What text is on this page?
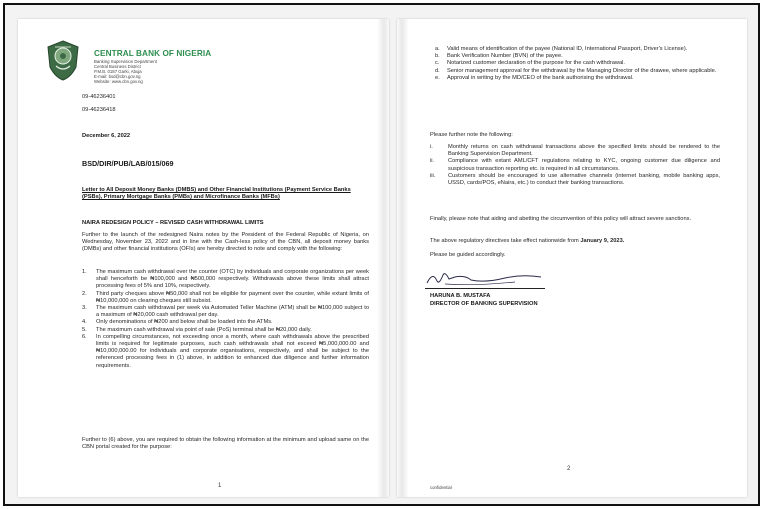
CENTRAL BANK OF NIGERIA

Banking Supervision Department

Central Business District

P.M.B. 0187 Garki, Abuja

E-mail: bsd@cbn.gov.ng

Website: www.cbn.gov.ng

09-46236401

09-46236418

December 6, 2022

BSD/DIR/PUB/LAB/015/069

Letter to All Deposit Money Banks (DMBS) and Other Financial Institutions (Payment Service Banks (PSBs), Primary Mortgage Banks (PMBs) and Microfinance Banks (MFBs)

NAIRA REDESIGN POLICY – REVISED CASH WITHDRAWAL LIMITS

Further to the launch of the redesigned Naira notes by the President of the Federal Republic of Nigeria, on Wednesday, November 23, 2022 and in line with the Cash-less policy of the CBN, all deposit money banks (DMBs) and other financial institutions (OFIs) are hereby directed to note and comply with the following:

1. The maximum cash withdrawal over the counter (OTC) by individuals and corporate organizations per week shall henceforth be ₦100,000 and ₦500,000 respectively. Withdrawals above these limits shall attract processing fees of 5% and 10%, respectively.
2. Third party cheques above ₦50,000 shall not be eligible for payment over the counter, while extant limits of ₦10,000,000 on clearing cheques still subsist.
3. The maximum cash withdrawal per week via Automated Teller Machine (ATM) shall be ₦100,000 subject to a maximum of ₦20,000 cash withdrawal per day.
4. Only denominations of ₦200 and below shall be loaded into the ATMs.
5. The maximum cash withdrawal via point of sale (PoS) terminal shall be ₦20,000 daily.
6. In compelling circumstances, not exceeding once a month, where cash withdrawals above the prescribed limits is required for legitimate purposes, such cash withdrawals shall not exceed ₦5,000,000.00 and ₦10,000,000.00 for individuals and corporate organisations, respectively, and shall be subject to the referenced processing fees in (1) above, in addition to enhanced due diligence and further information requirements.

Further to (6) above, you are required to obtain the following information at the minimum and upload same on the CBN portal created for the purpose:

1

a. Valid means of identification of the payee (National ID, International Passport, Driver's License).
b. Bank Verification Number (BVN) of the payee.
c. Notarized customer declaration of the purpose for the cash withdrawal.
d. Senior management approval for the withdrawal by the Managing Director of the drawee, where applicable.
e. Approval in writing by the MD/CEO of the bank authorising the withdrawal.

Please further note the following:

i.	Monthly returns on cash withdrawal transactions above the specified limits should be rendered to the Banking Supervision Department.
ii. Compliance with extant AML/CFT regulations relating to KYC, ongoing customer due diligence and suspicious transaction reporting etc. is required in all circumstances.
iii. Customers should be encouraged to use alternative channels (internet banking, mobile banking apps, USSD, cards/POS, eNaira, etc.) to conduct their banking transactions.

Finally, please note that aiding and abetting the circumvention of this policy will attract severe sanctions.

The above regulatory directives take effect nationwide from January 9, 2023.

Please be guided accordingly.

HARUNA B. MUSTAFA

DIRECTOR OF BANKING SUPERVISION

2

confidential
